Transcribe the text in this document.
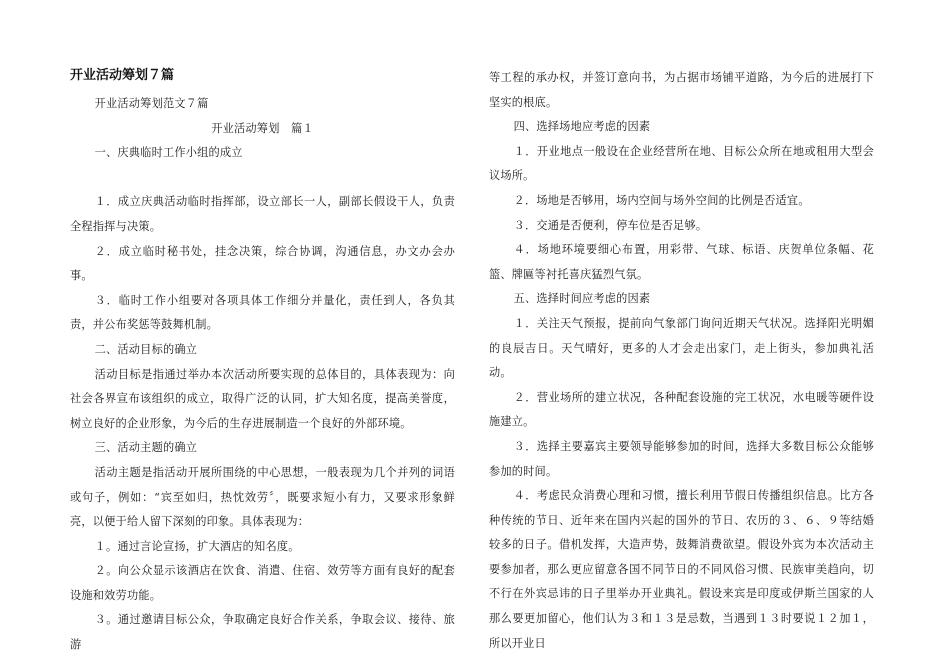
开业活动筹划７篇

开业活动筹划范文７篇

开业活动筹划　篇１

一、庆典临时工作小组的成立

１．成立庆典活动临时指挥部，设立部长一人，副部长假设干人，负责全程指挥与决策。

２．成立临时秘书处，挂念决策，综合协调，沟通信息，办文办会办事。

３．临时工作小组要对各项具体工作细分并量化，责任到人，各负其责，并公布奖惩等鼓舞机制。

二、活动目标的确立

活动目标是指通过举办本次活动所要实现的总体目的，具体表现为：向社会各界宣布该组织的成立，取得广泛的认同，扩大知名度，提高美誉度，树立良好的企业形象，为今后的生存进展制造一个良好的外部环境。

三、活动主题的确立

活动主题是指活动开展所围绕的中心思想，一般表现为几个并列的词语或句子，例如：“宾至如归，热忱效劳〞，既要求短小有力，又要求形象鲜亮，以便于给人留下深刻的印象。具体表现为：

１。通过言论宣扬，扩大酒店的知名度。

２。向公众显示该酒店在饮食、消遣、住宿、效劳等方面有良好的配套设施和效劳功能。

３。通过邀请目标公众，争取确定良好合作关系，争取会议、接待、旅游

等工程的承办权，并签订意向书，为占据市场铺平道路，为今后的进展打下坚实的根底。

四、选择场地应考虑的因素

１．开业地点一般设在企业经营所在地、目标公众所在地或租用大型会议场所。

２．场地是否够用，场内空间与场外空间的比例是否适宜。

３．交通是否便利，停车位是否足够。

４．场地环境要细心布置，用彩带、气球、标语、庆贺单位条幅、花篮、牌匾等衬托喜庆猛烈气氛。

五、选择时间应考虑的因素

１．关注天气预报，提前向气象部门询问近期天气状况。选择阳光明媚的良辰吉日。天气晴好，更多的人才会走出家门，走上街头，参加典礼活动。

２．营业场所的建立状况，各种配套设施的完工状况，水电暖等硬件设施建立。

３．选择主要嘉宾主要领导能够参加的时间，选择大多数目标公众能够参加的时间。

４．考虑民众消费心理和习惯，擅长利用节假日传播组织信息。比方各种传统的节日、近年来在国内兴起的国外的节日、农历的３、６、９等结婚较多的日子。借机发挥，大造声势，鼓舞消费欲望。假设外宾为本次活动主要参加者，那么更应留意各国不同节日的不同风俗习惯、民族审美趋向，切不行在外宾忌讳的日子里举办开业典礼。假设来宾是印度或伊斯兰国家的人那么要更加留心，他们认为３和１３是忌数，当遇到１３时要说１２加１，所以开业日
